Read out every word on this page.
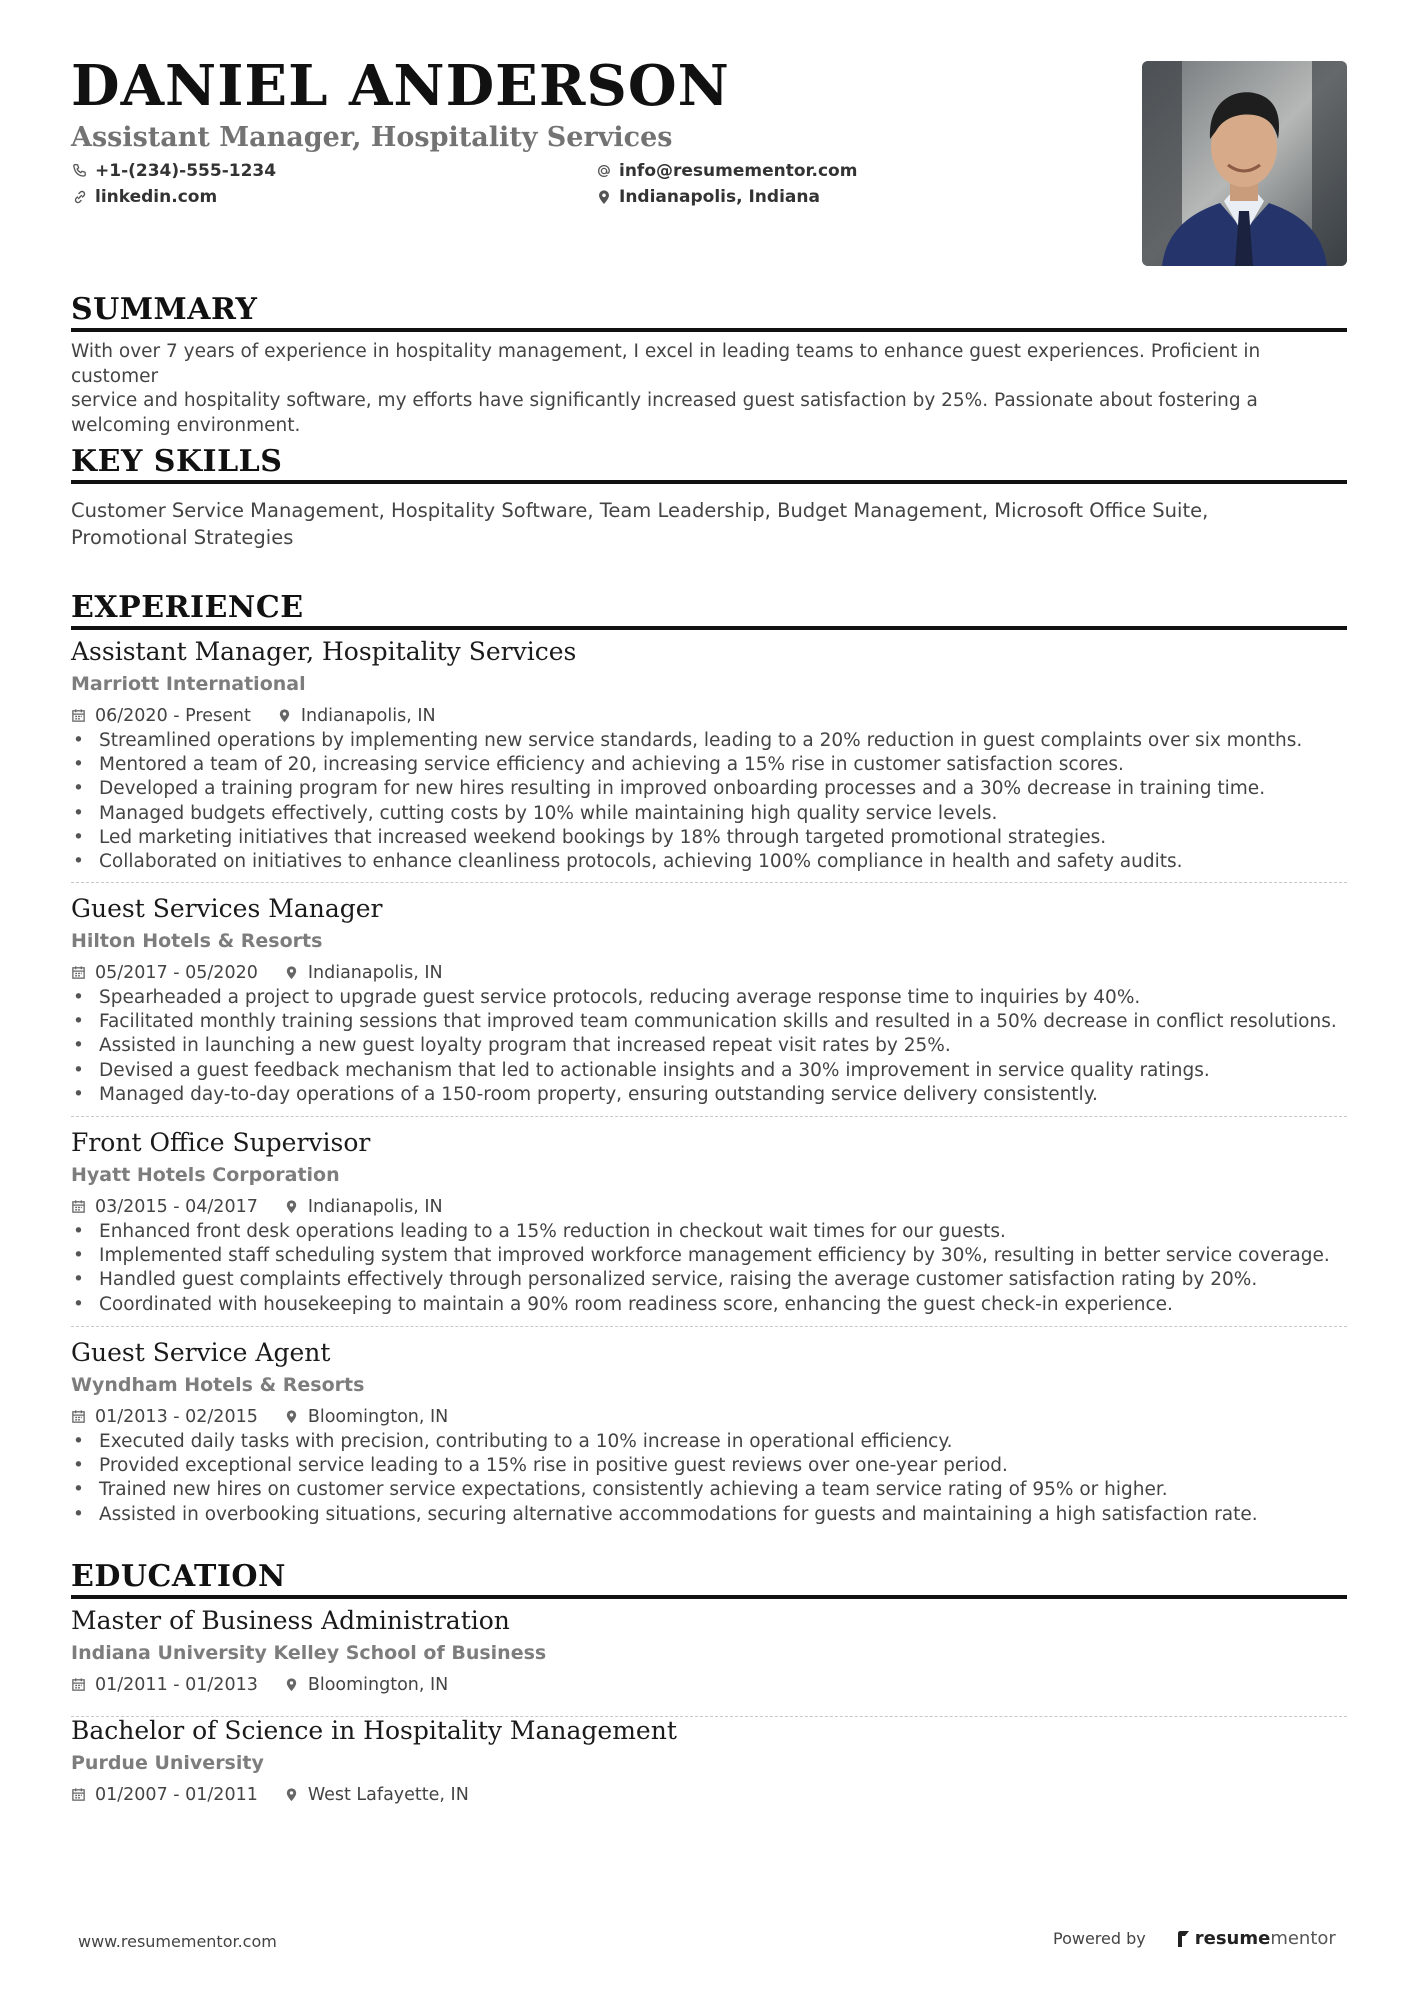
DANIEL ANDERSON
Assistant Manager, Hospitality Services
+1-(234)-555-1234
linkedin.com
info@resumementor.com
Indianapolis, Indiana
SUMMARY
With over 7 years of experience in hospitality management, I excel in leading teams to enhance guest experiences. Proficient in customer
service and hospitality software, my efforts have significantly increased guest satisfaction by 25%. Passionate about fostering a
welcoming environment.
KEY SKILLS
Customer Service Management, Hospitality Software, Team Leadership, Budget Management, Microsoft Office Suite,
Promotional Strategies
EXPERIENCE
Assistant Manager, Hospitality Services
Marriott International
06/2020 - Present	Indianapolis, IN
• Streamlined operations by implementing new service standards, leading to a 20% reduction in guest complaints over six months.
• Mentored a team of 20, increasing service efficiency and achieving a 15% rise in customer satisfaction scores.
• Developed a training program for new hires resulting in improved onboarding processes and a 30% decrease in training time.
• Managed budgets effectively, cutting costs by 10% while maintaining high quality service levels.
• Led marketing initiatives that increased weekend bookings by 18% through targeted promotional strategies.
• Collaborated on initiatives to enhance cleanliness protocols, achieving 100% compliance in health and safety audits.
Guest Services Manager
Hilton Hotels & Resorts
05/2017 - 05/2020	Indianapolis, IN
• Spearheaded a project to upgrade guest service protocols, reducing average response time to inquiries by 40%.
• Facilitated monthly training sessions that improved team communication skills and resulted in a 50% decrease in conflict resolutions.
• Assisted in launching a new guest loyalty program that increased repeat visit rates by 25%.
• Devised a guest feedback mechanism that led to actionable insights and a 30% improvement in service quality ratings.
• Managed day-to-day operations of a 150-room property, ensuring outstanding service delivery consistently.
Front Office Supervisor
Hyatt Hotels Corporation
03/2015 - 04/2017	Indianapolis, IN
• Enhanced front desk operations leading to a 15% reduction in checkout wait times for our guests.
• Implemented staff scheduling system that improved workforce management efficiency by 30%, resulting in better service coverage.
• Handled guest complaints effectively through personalized service, raising the average customer satisfaction rating by 20%.
• Coordinated with housekeeping to maintain a 90% room readiness score, enhancing the guest check-in experience.
Guest Service Agent
Wyndham Hotels & Resorts
01/2013 - 02/2015	Bloomington, IN
• Executed daily tasks with precision, contributing to a 10% increase in operational efficiency.
• Provided exceptional service leading to a 15% rise in positive guest reviews over one-year period.
• Trained new hires on customer service expectations, consistently achieving a team service rating of 95% or higher.
• Assisted in overbooking situations, securing alternative accommodations for guests and maintaining a high satisfaction rate.
EDUCATION
Master of Business Administration
Indiana University Kelley School of Business
01/2011 - 01/2013	Bloomington, IN
Bachelor of Science in Hospitality Management
Purdue University
01/2007 - 01/2011	West Lafayette, IN
www.resumementor.com	Powered by	resume mentor
